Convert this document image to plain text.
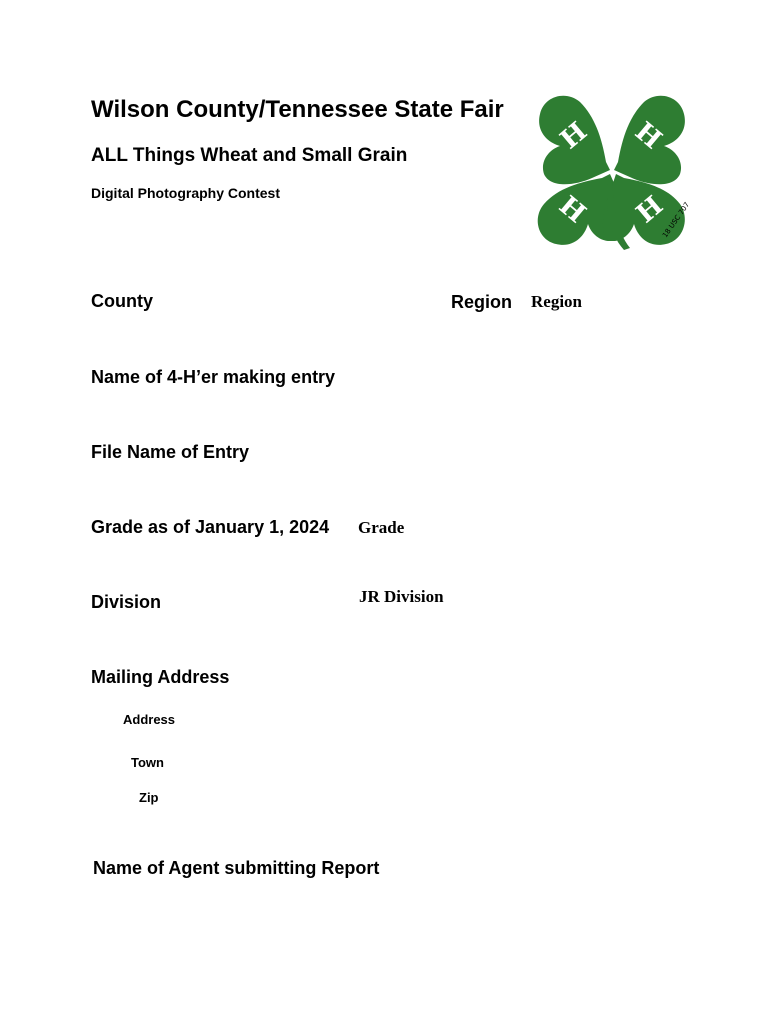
Wilson County/Tennessee State Fair
ALL Things Wheat and Small Grain
Digital Photography Contest
H H
H H
18 USC 707
County	Region Region
Name of 4-H’er making entry
File Name of Entry
Grade as of January 1, 2024 Grade
Division	JR Division
Mailing Address
Address
Town
Zip
Name of Agent submitting Report
